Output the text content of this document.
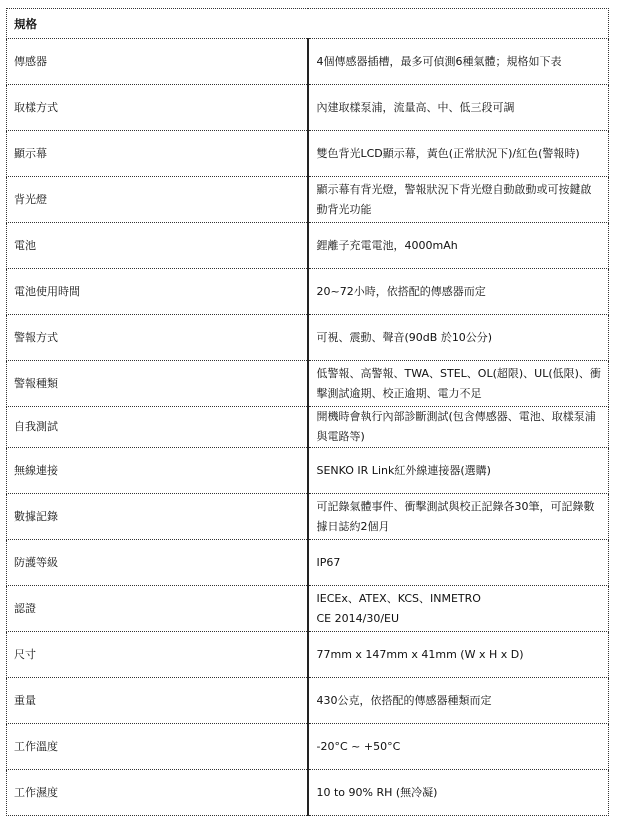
規格	
傳感器	4個傳感器插槽，最多可偵測6種氣體；規格如下表

取樣方式	內建取樣泵浦，流量高、中、低三段可調

顯示幕	雙色背光LCD顯示幕，黃色(正常狀況下)/紅色(警報時)

背光燈	顯示幕有背光燈，警報狀況下背光燈自動啟動或可按鍵啟動背光功能

電池	鋰離子充電電池，4000mAh

電池使用時間	20~72小時，依搭配的傳感器而定

警報方式	可視、震動、聲音(90dB 於10公分)

警報種類	低警報、高警報、TWA、STEL、OL(超限)、UL(低限)、衝擊測試逾期、校正逾期、電力不足

自我測試	開機時會執行內部診斷測試(包含傳感器、電池、取樣泵浦與電路等)

無線連接	SENKO IR Link紅外線連接器(選購)

數據記錄	可記錄氣體事件、衝擊測試與校正記錄各30筆，可記錄數據日誌約2個月

防護等級	IP67

認證	IECEx、ATEX、KCS、INMETRO
CE 2014/30/EU

尺寸	77mm x 147mm x 41mm (W x H x D)

重量	430公克，依搭配的傳感器種類而定

工作溫度	-20°C ~ +50°C

工作濕度	10 to 90% RH (無冷凝)
